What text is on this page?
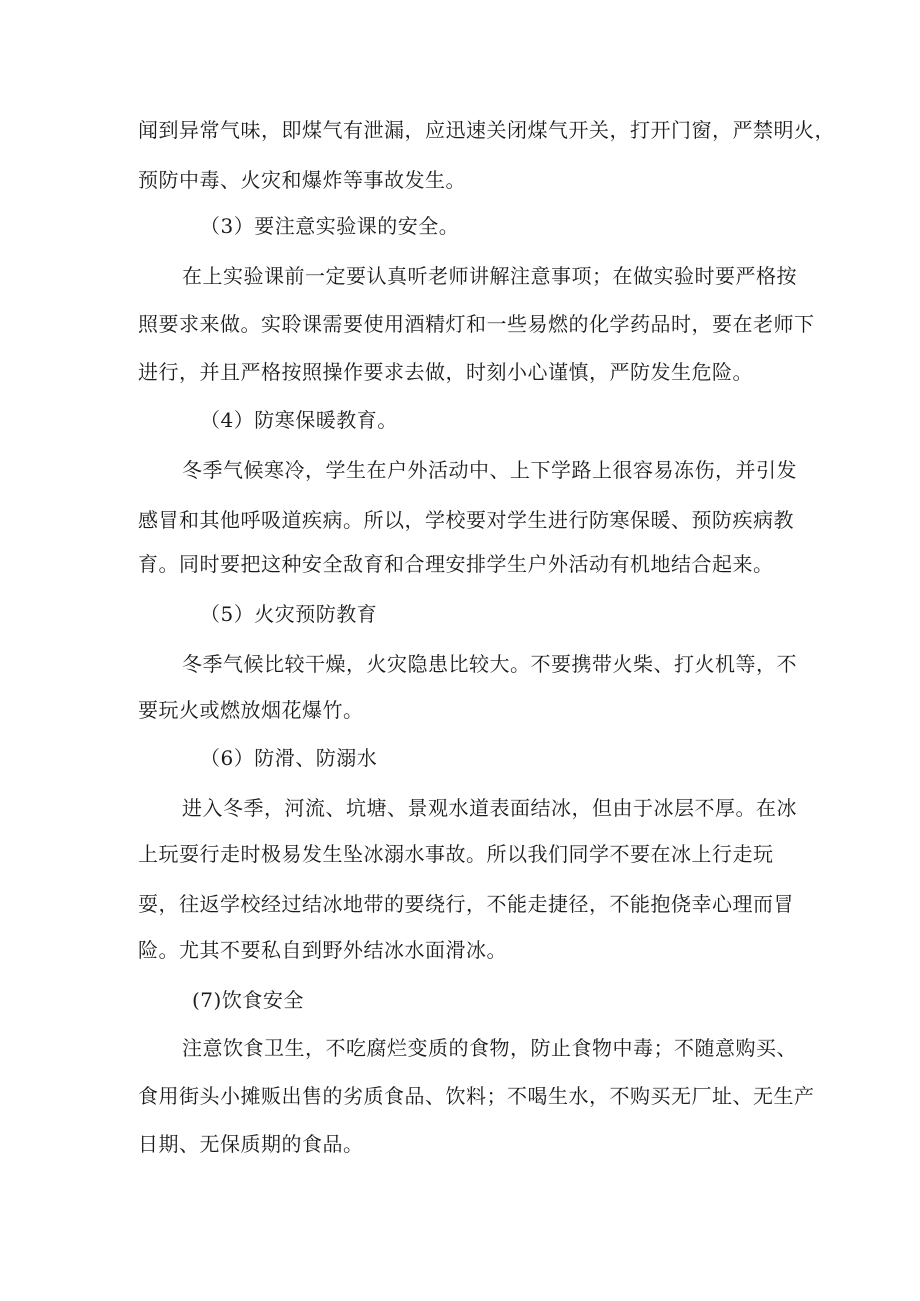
闻到异常气味，即煤气有泄漏，应迅速关闭煤气开关，打开门窗，严禁明火，
预防中毒、火灾和爆炸等事故发生。
（3）要注意实验课的安全。
在上实验课前一定要认真听老师讲解注意事项；在做实验时要严格按
照要求来做。实聆课需要使用酒精灯和一些易燃的化学药品时，要在老师下
进行，并且严格按照操作要求去做，时刻小心谨慎，严防发生危险。
（4）防寒保暖教育。
冬季气候寒冷，学生在户外活动中、上下学路上很容易冻伤，并引发
感冒和其他呼吸道疾病。所以，学校要对学生进行防寒保暖、预防疾病教
育。同时要把这种安全敌育和合理安排学生户外活动有机地结合起来。
（5）火灾预防教育
冬季气候比较干燥，火灾隐患比较大。不要携带火柴、打火机等，不
要玩火或燃放烟花爆竹。
（6）防滑、防溺水
进入冬季，河流、坑塘、景观水道表面结冰，但由于冰层不厚。在冰
上玩耍行走时极易发生坠冰溺水事故。所以我们同学不要在冰上行走玩
耍，往返学校经过结冰地带的要绕行，不能走捷径，不能抱侥幸心理而冒
险。尤其不要私自到野外结冰水面滑冰。
(7)饮食安全
注意饮食卫生，不吃腐烂变质的食物，防止食物中毒；不随意购买、
食用街头小摊贩出售的劣质食品、饮料；不喝生水，不购买无厂址、无生产
日期、无保质期的食品。
